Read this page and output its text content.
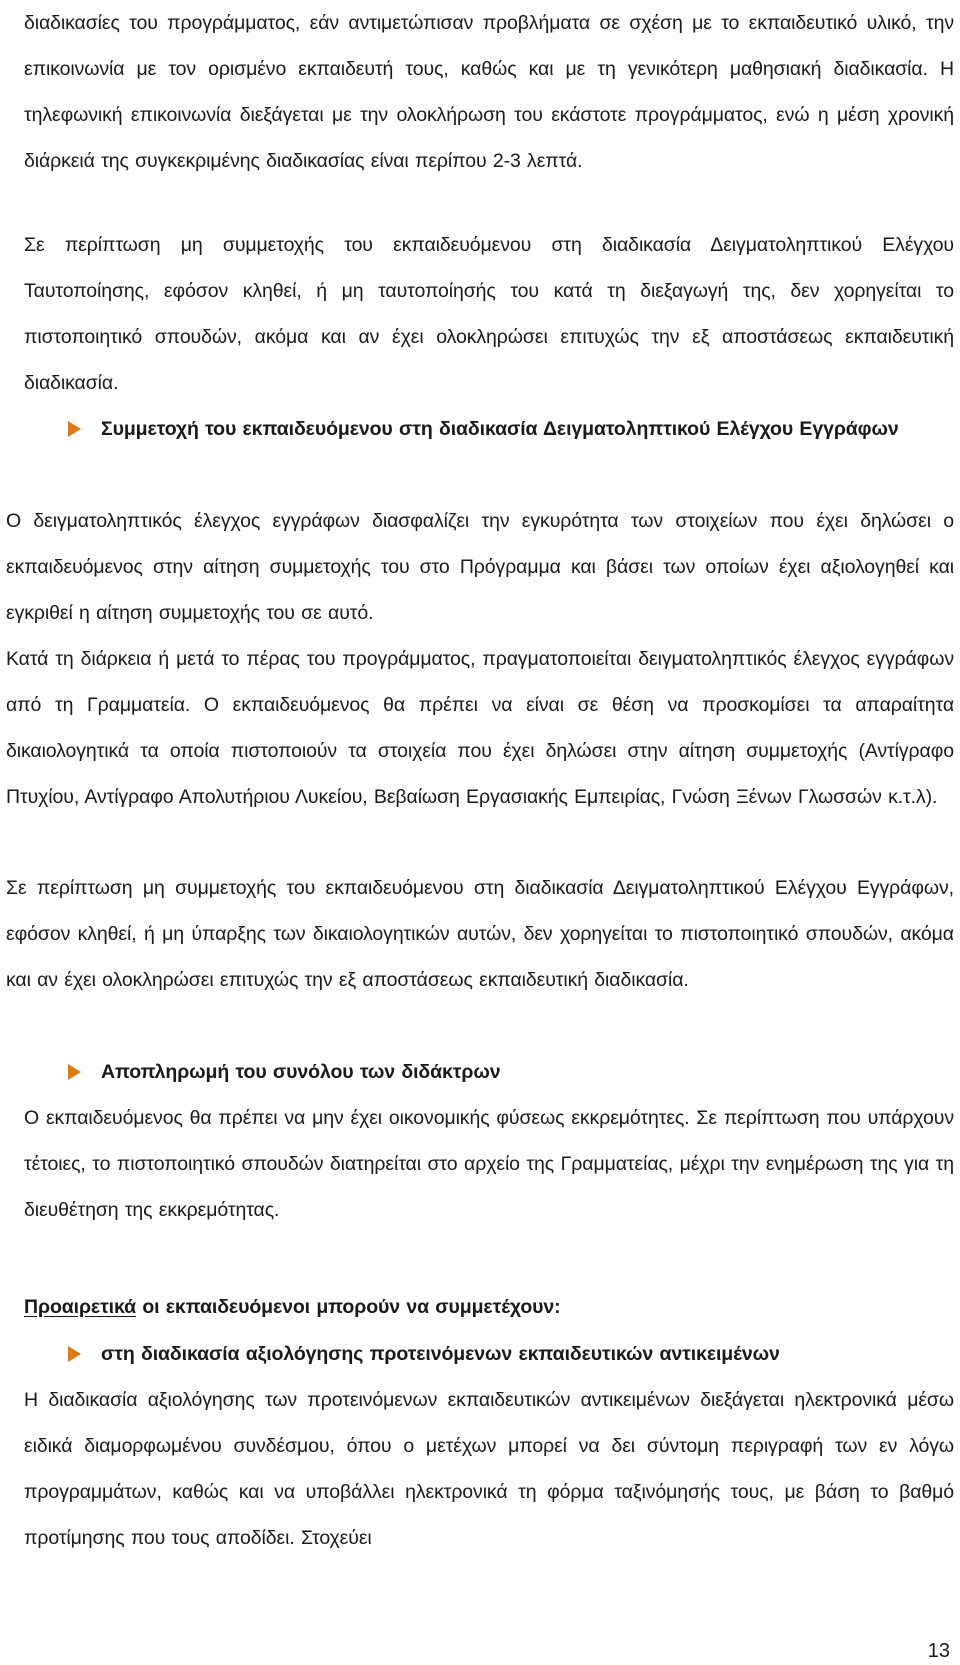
διαδικασίες του προγράμματος, εάν αντιμετώπισαν προβλήματα σε σχέση με το εκπαιδευτικό υλικό, την επικοινωνία με τον ορισμένο εκπαιδευτή τους, καθώς και με τη γενικότερη μαθησιακή διαδικασία. Η τηλεφωνική επικοινωνία διεξάγεται με την ολοκλήρωση του εκάστοτε προγράμματος, ενώ η μέση χρονική διάρκειά της συγκεκριμένης διαδικασίας είναι περίπου 2-3 λεπτά.

Σε περίπτωση μη συμμετοχής του εκπαιδευόμενου στη διαδικασία Δειγματοληπτικού Ελέγχου Ταυτοποίησης, εφόσον κληθεί, ή μη ταυτοποίησής του κατά τη διεξαγωγή της, δεν χορηγείται το πιστοποιητικό σπουδών, ακόμα και αν έχει ολοκληρώσει επιτυχώς την εξ αποστάσεως εκπαιδευτική διαδικασία.

Συμμετοχή του εκπαιδευόμενου στη διαδικασία Δειγματοληπτικού Ελέγχου Εγγράφων

Ο δειγματοληπτικός έλεγχος εγγράφων διασφαλίζει την εγκυρότητα των στοιχείων που έχει δηλώσει ο εκπαιδευόμενος στην αίτηση συμμετοχής του στο Πρόγραμμα και βάσει των οποίων έχει αξιολογηθεί και εγκριθεί η αίτηση συμμετοχής του σε αυτό.

Κατά τη διάρκεια ή μετά το πέρας του προγράμματος, πραγματοποιείται δειγματοληπτικός έλεγχος εγγράφων από τη Γραμματεία. Ο εκπαιδευόμενος θα πρέπει να είναι σε θέση να προσκομίσει τα απαραίτητα δικαιολογητικά τα οποία πιστοποιούν τα στοιχεία που έχει δηλώσει στην αίτηση συμμετοχής (Αντίγραφο Πτυχίου, Αντίγραφο Απολυτήριου Λυκείου, Βεβαίωση Εργασιακής Εμπειρίας, Γνώση Ξένων Γλωσσών κ.τ.λ).

Σε περίπτωση μη συμμετοχής του εκπαιδευόμενου στη διαδικασία Δειγματοληπτικού Ελέγχου Εγγράφων, εφόσον κληθεί, ή μη ύπαρξης των δικαιολογητικών αυτών, δεν χορηγείται το πιστοποιητικό σπουδών, ακόμα και αν έχει ολοκληρώσει επιτυχώς την εξ αποστάσεως εκπαιδευτική διαδικασία.

Αποπληρωμή του συνόλου των διδάκτρων

Ο εκπαιδευόμενος θα πρέπει να μην έχει οικονομικής φύσεως εκκρεμότητες. Σε περίπτωση που υπάρχουν τέτοιες, το πιστοποιητικό σπουδών διατηρείται στο αρχείο της Γραμματείας, μέχρι την ενημέρωση της για τη διευθέτηση της εκκρεμότητας.

Προαιρετικά οι εκπαιδευόμενοι μπορούν να συμμετέχουν:
στη διαδικασία αξιολόγησης προτεινόμενων εκπαιδευτικών αντικειμένων

Η διαδικασία αξιολόγησης των προτεινόμενων εκπαιδευτικών αντικειμένων διεξάγεται ηλεκτρονικά μέσω ειδικά διαμορφωμένου συνδέσμου, όπου ο μετέχων μπορεί να δει σύντομη περιγραφή των εν λόγω προγραμμάτων, καθώς και να υποβάλλει ηλεκτρονικά τη φόρμα ταξινόμησής τους, με βάση το βαθμό προτίμησης που τους αποδίδει. Στοχεύει

13
